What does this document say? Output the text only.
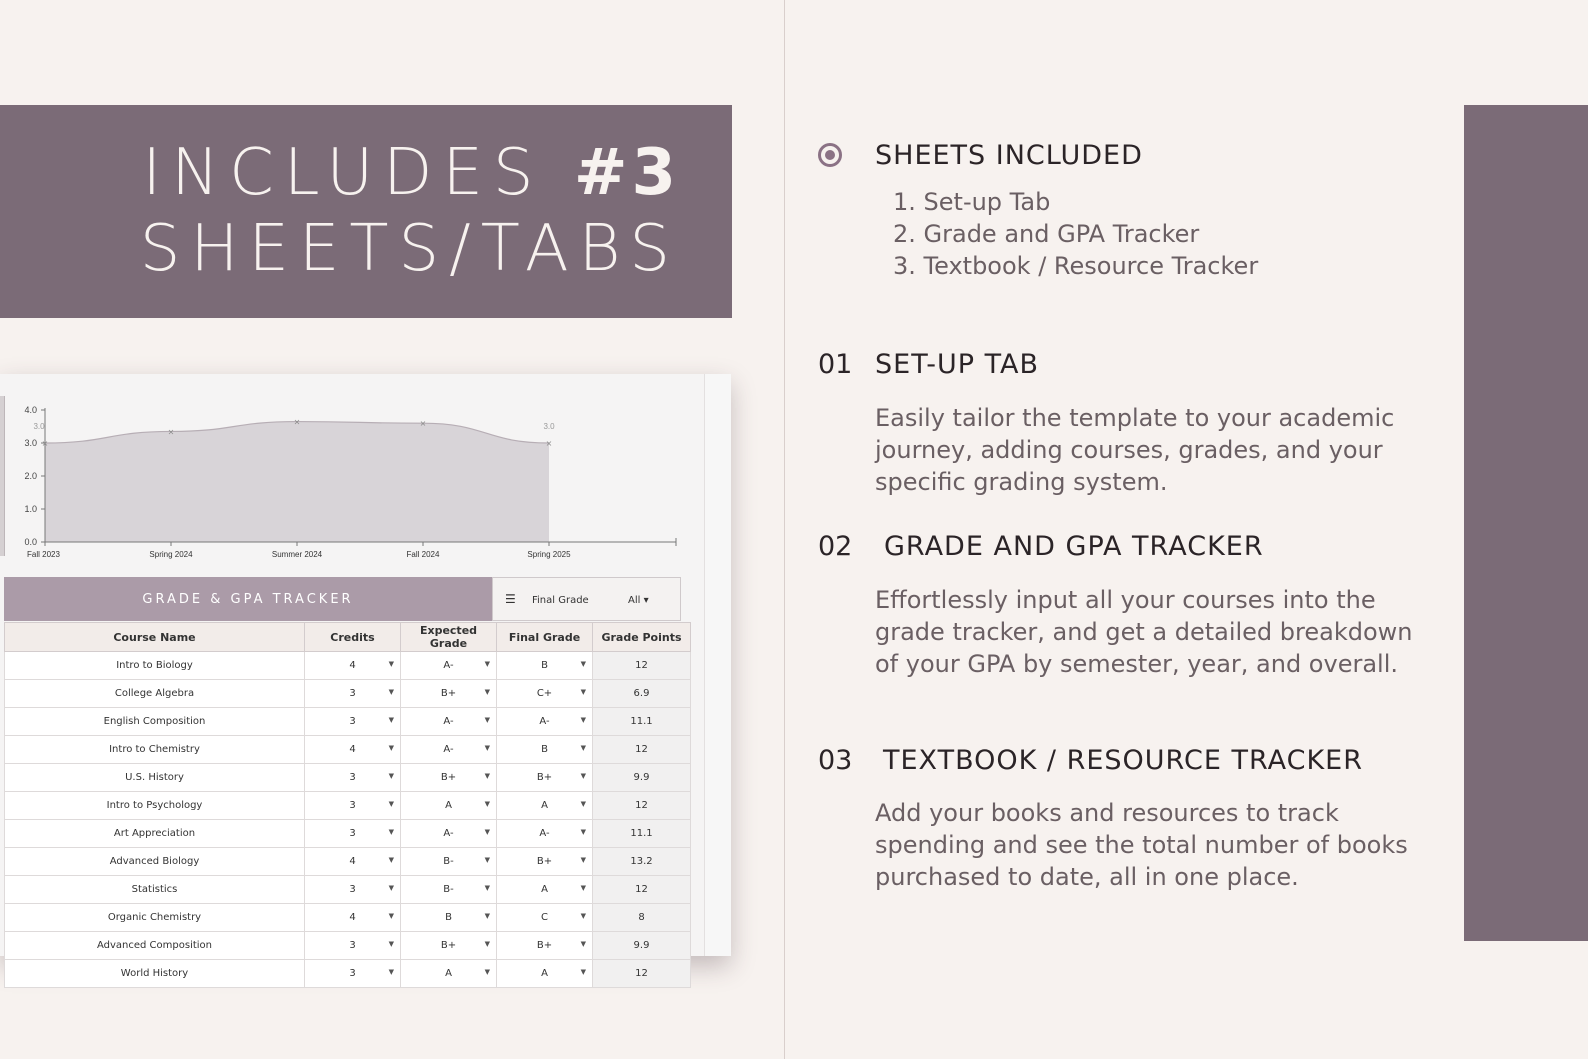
INCLUDES #3
SHEETS/TABS
0.0
1.0
2.0
3.0
4.0
×
Fall 2023
3.0
×
Spring 2024
×
Summer 2024
×
Fall 2024
×
Spring 2025
3.0
GRADE & GPA TRACKER	☰ Final Grade	All ▾
Course Name	Credits	Expected Grade	Final Grade	Grade Points
Intro to Biology	4 ▼	A- ▼	B ▼	12
College Algebra	3 ▼	B+ ▼	C+ ▼	6.9
English Composition	3 ▼	A- ▼	A- ▼	11.1
Intro to Chemistry	4 ▼	A- ▼	B ▼	12
U.S. History	3 ▼	B+ ▼	B+ ▼	9.9
Intro to Psychology	3 ▼	A ▼	A ▼	12
Art Appreciation	3 ▼	A- ▼	A- ▼	11.1
Advanced Biology	4 ▼	B- ▼	B+ ▼	13.2
Statistics	3 ▼	B- ▼	A ▼	12
Organic Chemistry	4 ▼	B ▼	C ▼	8
Advanced Composition	3 ▼	B+ ▼	B+ ▼	9.9
World History	3 ▼	A ▼	A ▼	12
SHEETS INCLUDED
1. Set-up Tab
2. Grade and GPA Tracker
3. Textbook / Resource Tracker
01 SET-UP TAB
Easily tailor the template to your academic journey, adding courses, grades, and your specific grading system.
02 GRADE AND GPA TRACKER
Effortlessly input all your courses into the grade tracker, and get a detailed breakdown of your GPA by semester, year, and overall.
03 TEXTBOOK / RESOURCE TRACKER
Add your books and resources to track spending and see the total number of books purchased to date, all in one place.
